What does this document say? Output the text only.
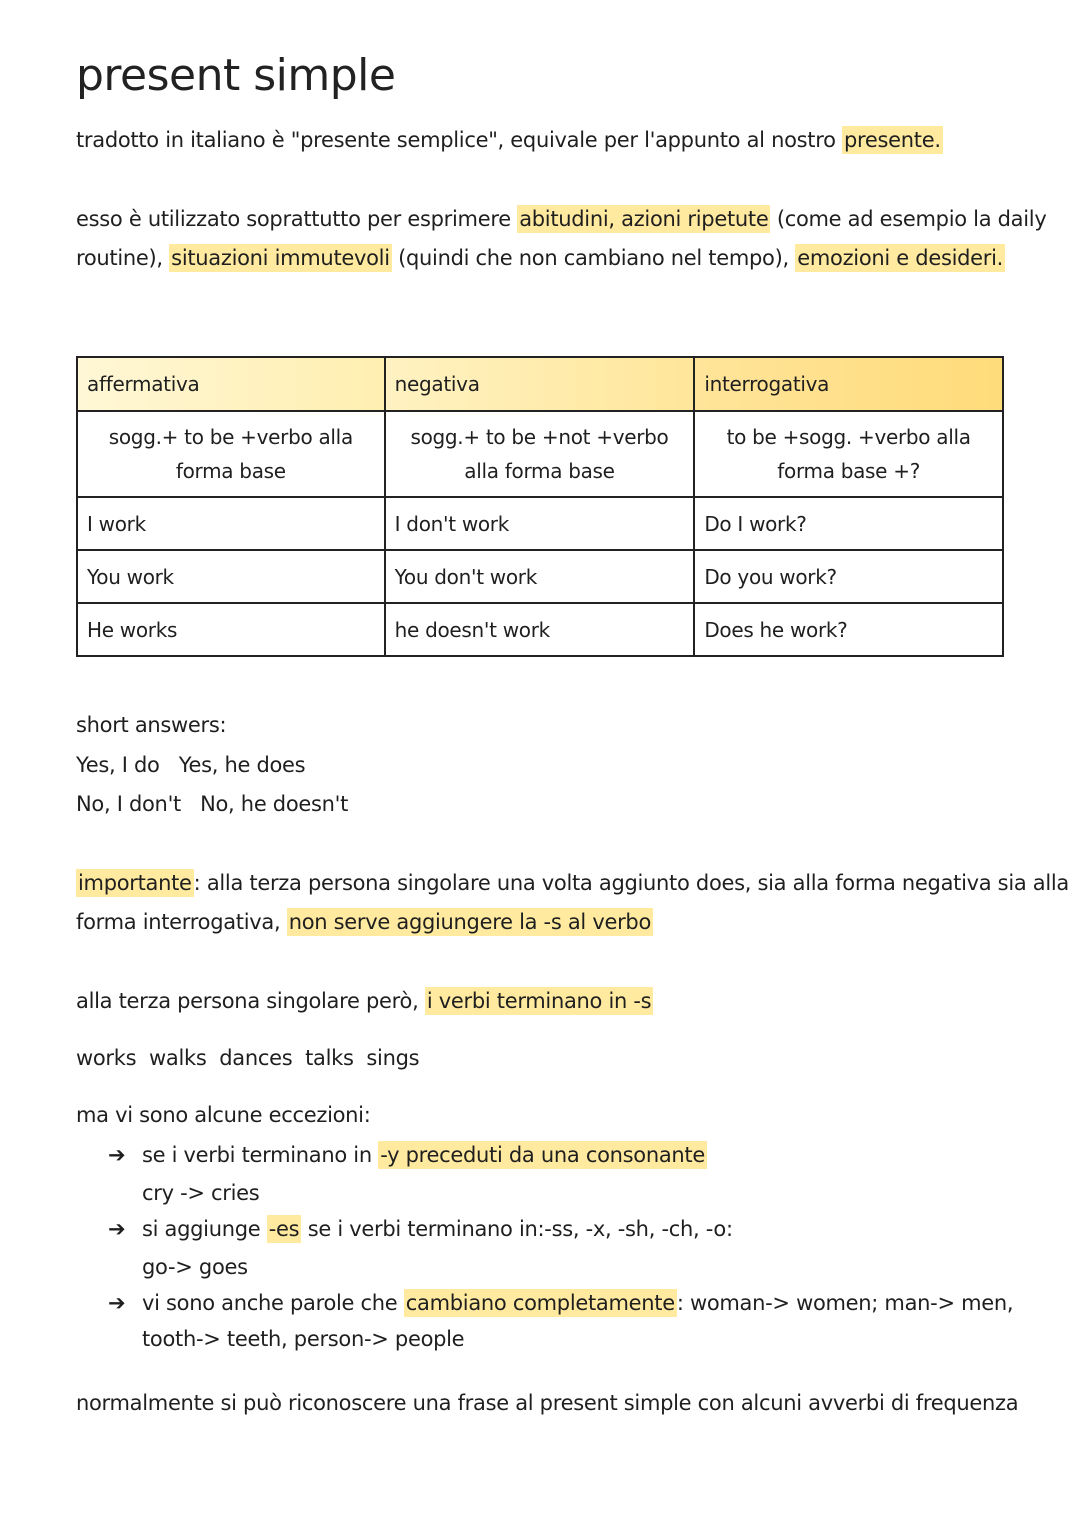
present simple
tradotto in italiano è "presente semplice", equivale per l'appunto al nostro presente.
esso è utilizzato soprattutto per esprimere abitudini, azioni ripetute (come ad esempio la daily
routine), situazioni immutevoli (quindi che non cambiano nel tempo), emozioni e desideri.
affermativa	negativa	interrogativa
sogg.+ to be +verbo alla forma base	sogg.+ to be +not +verbo alla forma base	to be +sogg. +verbo alla forma base +?
I work	I don't work	Do I work?
You work	You don't work	Do you work?
He works	he doesn't work	Does he work?
short answers:
Yes, I do   Yes, he does
No, I don't   No, he doesn't
importante: alla terza persona singolare una volta aggiunto does, sia alla forma negativa sia alla
forma interrogativa, non serve aggiungere la -s al verbo
alla terza persona singolare però, i verbi terminano in -s
works  walks  dances  talks  sings
ma vi sono alcune eccezioni:
➔ se i verbi terminano in -y preceduti da una consonante
cry -> cries
➔ si aggiunge -es se i verbi terminano in:-ss, -x, -sh, -ch, -o:
go-> goes
➔ vi sono anche parole che cambiano completamente: woman-> women; man-> men,
tooth-> teeth, person-> people
normalmente si può riconoscere una frase al present simple con alcuni avverbi di frequenza
